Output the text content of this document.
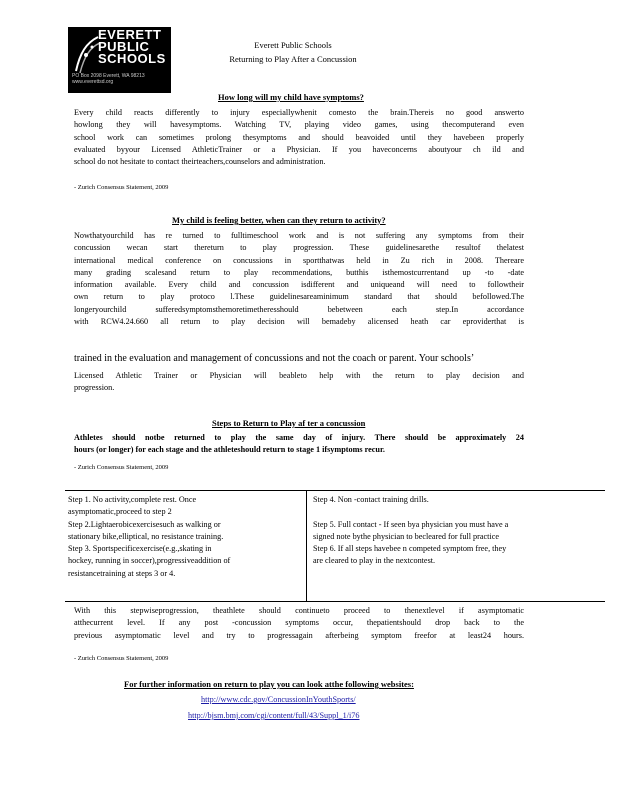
EVERETT
PUBLIC
SCHOOLS
PO Box 2098 Everett, WA 98213
www.everettsd.org
Everett Public Schools
Returning to Play After a Concussion
How long will my child have symptoms?
Every child reacts differently to injury especiallywhenit comesto the brain.Thereis no good answerto
howlong they will havesymptoms. Watching TV, playing video games, using thecomputerand even
school work can sometimes prolong thesymptoms and should beavoided until they havebeen properly
evaluated byyour Licensed AthleticTrainer or a Physician. If you haveconcerns aboutyour ch ild and
school do not hesitate to contact theirteachers,counselors and administration.
- Zurich Consensus Statement, 2009
My child is feeling better, when can they return to activity?
Nowthatyourchild has re turned to fulltimeschool work and is not suffering any symptoms from their
concussion wecan start thereturn to play progression. These guidelinesarethe resultof thelatest
international medical conference on concussions in sportthatwas held in Zu rich in 2008. Thereare
many grading scalesand return to play recommendations, butthis isthemostcurrentand up -to -date
information available. Every child and concussion isdifferent and uniqueand will need to followtheir
own return to play protoco l.These guidelinesareaminimum standard that should befollowed.The
longeryourchild sufferedsymptomsthemoretimetheresshould bebetween each step.In accordance
with RCW4.24.660 all return to play decision will bemadeby alicensed heath car eproviderthat is
trained in the evaluation and management of concussions and not the coach or parent. Your schools’
Licensed Athletic Trainer or Physician will beableto help with the return to play decision and
progression.
Steps to Return to Play af ter a concussion
Athletes should notbe returned to play the same day of injury. There should be approximately 24
hours (or longer) for each stage and the athleteshould return to stage 1 ifsymptoms recur.
- Zurich Consensus Statement, 2009
Step 1. No activity,complete rest. Once
asymptomatic,proceed to step 2
Step 2.Lightaerobicexercisesuch as walking or
stationary bike,elliptical, no resistance training.
Step 3. Sportspecificexercise(e.g.,skating in
hockey, running in soccer),progressiveaddition of
resistancetraining at steps 3 or 4.
Step 4. Non -contact training drills.
Step 5. Full contact - If seen bya physician you must have a
signed note bythe physician to becleared for full practice
Step 6. If all steps havebee n competed symptom free, they
are cleared to play in the nextcontest.
With this stepwiseprogression, theathlete should continueto proceed to thenextlevel if asymptomatic
atthecurrent level. If any post -concussion symptoms occur, thepatientshould drop back to the
previous asymptomatic level and try to progressagain afterbeing symptom freefor at least24 hours.
- Zurich Consensus Statement, 2009
For further information on return to play you can look atthe following websites:
http://www.cdc.gov/ConcussionInYouthSports/
http://bjsm.bmj.com/cgi/content/full/43/Suppl_1/i76
